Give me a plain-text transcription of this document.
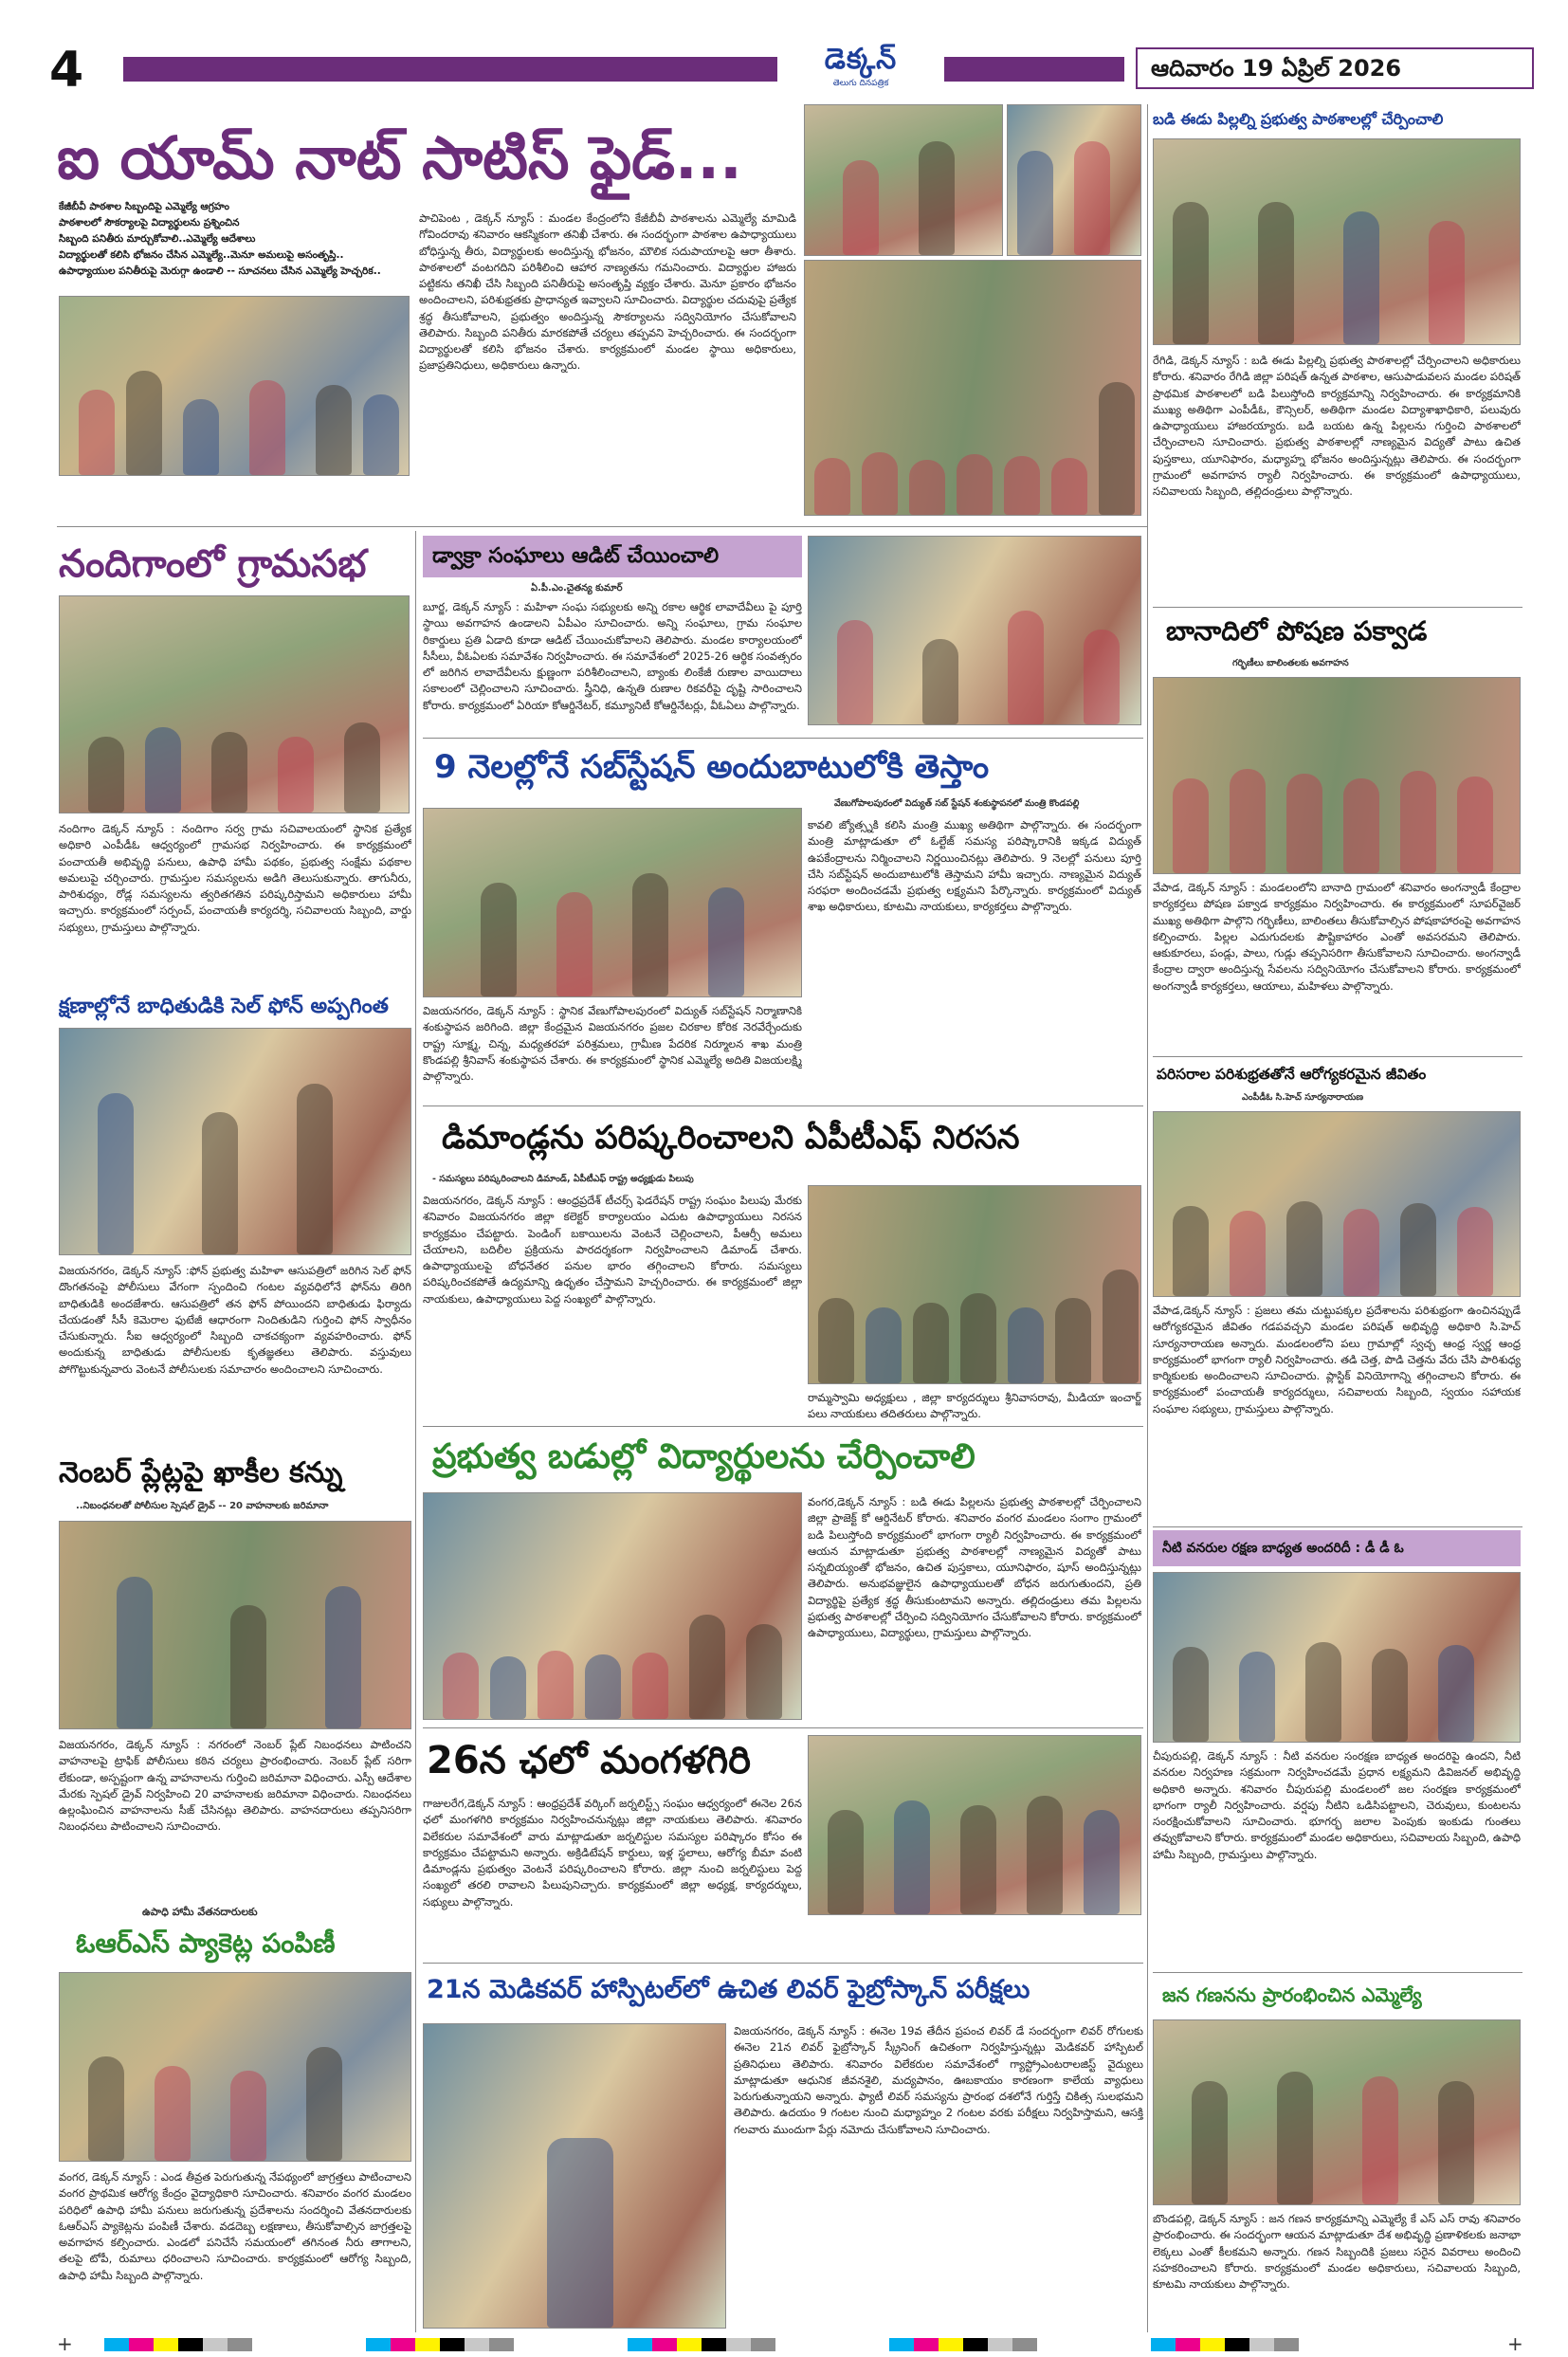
4	డెక్కన్
తెలుగు దినపత్రిక
ఆదివారం 19 ఏప్రిల్ 2026
ఐ యామ్ నాట్ సాటిస్ ఫైడ్...
కేజీబీవీ పాఠశాల సిబ్బందిపై ఎమ్మెల్యే ఆగ్రహం
పాఠశాలలో సౌకర్యాలపై విద్యార్థులను ప్రశ్నించిన
సిబ్బంది పనితీరు మార్చుకోవాలి..ఎమ్మెల్యే ఆదేశాలు
విద్యార్థులతో కలిసి భోజనం చేసిన ఎమ్మెల్యే..మెనూ అమలుపై అసంతృప్తి..
ఉపాధ్యాయుల పనితీరుపై మెరుగ్గా ఉండాలి -- సూచనలు చేసిన ఎమ్మెల్యే హెచ్చరిక..
పాచిపెంట , డెక్కన్ న్యూస్ : మండల కేంద్రంలోని కేజీబీవీ పాఠశాలను ఎమ్మెల్యే మామిడి గోవిందరావు శనివారం ఆకస్మికంగా తనిఖీ చేశారు. ఈ సందర్భంగా పాఠశాల ఉపాధ్యాయులు బోధిస్తున్న తీరు, విద్యార్థులకు అందిస్తున్న భోజనం, మౌలిక సదుపాయాలపై ఆరా తీశారు. పాఠశాలలో వంటగదిని పరిశీలించి ఆహార నాణ్యతను గమనించారు. విద్యార్థుల హాజరు పట్టికను తనిఖీ చేసి సిబ్బంది పనితీరుపై అసంతృప్తి వ్యక్తం చేశారు. మెనూ ప్రకారం భోజనం అందించాలని, పరిశుభ్రతకు ప్రాధాన్యత ఇవ్వాలని సూచించారు. విద్యార్థుల చదువుపై ప్రత్యేక శ్రద్ధ తీసుకోవాలని, ప్రభుత్వం అందిస్తున్న సౌకర్యాలను సద్వినియోగం చేసుకోవాలని తెలిపారు. సిబ్బంది పనితీరు మారకపోతే చర్యలు తప్పవని హెచ్చరించారు. ఈ సందర్భంగా విద్యార్థులతో కలిసి భోజనం చేశారు. కార్యక్రమంలో మండల స్థాయి అధికారులు, ప్రజాప్రతినిధులు, అధికారులు ఉన్నారు.
నందిగాంలో గ్రామసభ
నందిగాం డెక్కన్ న్యూస్ : నందిగాం సర్వ గ్రామ సచివాలయంలో స్థానిక ప్రత్యేక అధికారి ఎంపీడీఓ ఆధ్వర్యంలో గ్రామసభ నిర్వహించారు. ఈ కార్యక్రమంలో పంచాయతీ అభివృద్ధి పనులు, ఉపాధి హామీ పథకం, ప్రభుత్వ సంక్షేమ పథకాల అమలుపై చర్చించారు. గ్రామస్తుల సమస్యలను అడిగి తెలుసుకున్నారు. తాగునీరు, పారిశుధ్యం, రోడ్ల సమస్యలను త్వరితగతిన పరిష్కరిస్తామని అధికారులు హామీ ఇచ్చారు. కార్యక్రమంలో సర్పంచ్, పంచాయతీ కార్యదర్శి, సచివాలయ సిబ్బంది, వార్డు సభ్యులు, గ్రామస్తులు పాల్గొన్నారు.
క్షణాల్లోనే బాధితుడికి సెల్ ఫోన్ అప్పగింత
విజయనగరం, డెక్కన్ న్యూస్ :ఫోన్ ప్రభుత్వ మహిళా ఆసుపత్రిలో జరిగిన సెల్ ఫోన్ దొంగతనంపై పోలీసులు వేగంగా స్పందించి గంటల వ్యవధిలోనే ఫోన్‌ను తిరిగి బాధితుడికి అందజేశారు. ఆసుపత్రిలో తన ఫోన్ పోయిందని బాధితుడు ఫిర్యాదు చేయడంతో సీసీ కెమెరాల ఫుటేజీ ఆధారంగా నిందితుడిని గుర్తించి ఫోన్ స్వాధీనం చేసుకున్నారు. సీఐ ఆధ్వర్యంలో సిబ్బంది చాకచక్యంగా వ్యవహరించారు. ఫోన్ అందుకున్న బాధితుడు పోలీసులకు కృతజ్ఞతలు తెలిపారు. వస్తువులు పోగొట్టుకున్నవారు వెంటనే పోలీసులకు సమాచారం అందించాలని సూచించారు.
నెంబర్ ప్లేట్లపై ఖాకీల కన్ను
..నిబంధనలతో పోలీసుల స్పెషల్ డ్రైవ్ -- 20 వాహనాలకు జరిమానా
విజయనగరం, డెక్కన్ న్యూస్ : నగరంలో నెంబర్ ప్లేట్ నిబంధనలు పాటించని వాహనాలపై ట్రాఫిక్ పోలీసులు కఠిన చర్యలు ప్రారంభించారు. నెంబర్ ప్లేట్ సరిగా లేకుండా, అస్పష్టంగా ఉన్న వాహనాలను గుర్తించి జరిమానా విధించారు. ఎస్పీ ఆదేశాల మేరకు స్పెషల్ డ్రైవ్ నిర్వహించి 20 వాహనాలకు జరిమానా విధించారు. నిబంధనలు ఉల్లంఘించిన వాహనాలను సీజ్ చేసినట్లు తెలిపారు. వాహనదారులు తప్పనిసరిగా నిబంధనలు పాటించాలని సూచించారు.
ఉపాధి హామీ వేతనదారులకు
ఓఆర్ఎస్ ప్యాకెట్ల పంపిణీ
వంగర, డెక్కన్ న్యూస్ : ఎండ తీవ్రత పెరుగుతున్న నేపథ్యంలో జాగ్రత్తలు పాటించాలని వంగర ప్రాథమిక ఆరోగ్య కేంద్రం వైద్యాధికారి సూచించారు. శనివారం వంగర మండలం పరిధిలో ఉపాధి హామీ పనులు జరుగుతున్న ప్రదేశాలను సందర్శించి వేతనదారులకు ఓఆర్ఎస్ ప్యాకెట్లను పంపిణీ చేశారు. వడదెబ్బ లక్షణాలు, తీసుకోవాల్సిన జాగ్రత్తలపై అవగాహన కల్పించారు. ఎండలో పనిచేసే సమయంలో తగినంత నీరు తాగాలని, తలపై టోపీ, రుమాలు ధరించాలని సూచించారు. కార్యక్రమంలో ఆరోగ్య సిబ్బంది, ఉపాధి హామీ సిబ్బంది పాల్గొన్నారు.
డ్వాక్రా సంఘాలు ఆడిట్ చేయించాలి
ఏ.పీ.ఎం.చైతన్య కుమార్
బూర్జ, డెక్కన్ న్యూస్ : మహిళా సంఘ సభ్యులకు అన్ని రకాల ఆర్థిక లావాదేవీలు పై పూర్తి స్థాయి అవగాహన ఉండాలని ఏపీఎం సూచించారు. అన్ని సంఘాలు, గ్రామ సంఘాల రికార్డులు ప్రతి ఏడాది కూడా ఆడిట్ చేయించుకోవాలని తెలిపారు. మండల కార్యాలయంలో సీసీలు, వీఓఏలకు సమావేశం నిర్వహించారు. ఈ సమావేశంలో 2025-26 ఆర్థిక సంవత్సరం లో జరిగిన లావాదేవీలను క్షుణ్ణంగా పరిశీలించాలని, బ్యాంకు లింకేజీ రుణాల వాయిదాలు సకాలంలో చెల్లించాలని సూచించారు. స్త్రీనిధి, ఉన్నతి రుణాల రికవరీపై దృష్టి సారించాలని కోరారు. కార్యక్రమంలో ఏరియా కోఆర్డినేటర్, కమ్యూనిటీ కోఆర్డినేటర్లు, వీఓఏలు పాల్గొన్నారు.
9 నెలల్లోనే సబ్‌స్టేషన్ అందుబాటులోకి తెస్తాం
వేణుగోపాలపురంలో విద్యుత్ సబ్ స్టేషన్ శంకుస్థాపనలో మంత్రి కొండపల్లి
విజయనగరం, డెక్కన్ న్యూస్ : స్థానిక వేణుగోపాలపురంలో విద్యుత్ సబ్‌స్టేషన్ నిర్మాణానికి శంకుస్థాపన జరిగింది. జిల్లా కేంద్రమైన విజయనగరం ప్రజల చిరకాల కోరిక నెరవేర్చేందుకు రాష్ట్ర సూక్ష్మ, చిన్న, మధ్యతరహా పరిశ్రమలు, గ్రామీణ పేదరిక నిర్మూలన శాఖ మంత్రి కొండపల్లి శ్రీనివాస్ శంకుస్థాపన చేశారు. ఈ కార్యక్రమంలో స్థానిక ఎమ్మెల్యే అదితి విజయలక్ష్మి పాల్గొన్నారు.
కావలి జ్యోత్స్నకి కలిసి మంత్రి ముఖ్య అతిథిగా పాల్గొన్నారు. ఈ సందర్భంగా మంత్రి మాట్లాడుతూ లో ఓల్టేజ్ సమస్య పరిష్కారానికి ఇక్కడ విద్యుత్ ఉపకేంద్రాలను నిర్మించాలని నిర్ణయించినట్లు తెలిపారు. 9 నెలల్లో పనులు పూర్తి చేసి సబ్‌స్టేషన్ అందుబాటులోకి తెస్తామని హామీ ఇచ్చారు. నాణ్యమైన విద్యుత్ సరఫరా అందించడమే ప్రభుత్వ లక్ష్యమని పేర్కొన్నారు. కార్యక్రమంలో విద్యుత్ శాఖ అధికారులు, కూటమి నాయకులు, కార్యకర్తలు పాల్గొన్నారు.
డిమాండ్లను పరిష్కరించాలని ఏపీటీఎఫ్ నిరసన
- సమస్యలు పరిష్కరించాలని డిమాండ్, ఏపీటీఎఫ్ రాష్ట్ర అధ్యక్షుడు పిలుపు
విజయనగరం, డెక్కన్ న్యూస్ : ఆంధ్రప్రదేశ్ టీచర్స్ ఫెడరేషన్ రాష్ట్ర సంఘం పిలుపు మేరకు శనివారం విజయనగరం జిల్లా కలెక్టర్ కార్యాలయం ఎదుట ఉపాధ్యాయులు నిరసన కార్యక్రమం చేపట్టారు. పెండింగ్ బకాయిలను వెంటనే చెల్లించాలని, పీఆర్సీ అమలు చేయాలని, బదిలీల ప్రక్రియను పారదర్శకంగా నిర్వహించాలని డిమాండ్ చేశారు. ఉపాధ్యాయులపై బోధనేతర పనుల భారం తగ్గించాలని కోరారు. సమస్యలు పరిష్కరించకపోతే ఉద్యమాన్ని ఉధృతం చేస్తామని హెచ్చరించారు. ఈ కార్యక్రమంలో జిల్లా నాయకులు, ఉపాధ్యాయులు పెద్ద సంఖ్యలో పాల్గొన్నారు.
రామ్మస్వామి అధ్యక్షులు , జిల్లా కార్యదర్శులు శ్రీనివాసరావు, మీడియా ఇంచార్జ్ పలు నాయకులు తదితరులు పాల్గొన్నారు.
ప్రభుత్వ బడుల్లో విద్యార్థులను చేర్పించాలి
వంగర,డెక్కన్ న్యూస్ : బడి ఈడు పిల్లలను ప్రభుత్వ పాఠశాలల్లో చేర్పించాలని జిల్లా ప్రాజెక్ట్ కో ఆర్డినేటర్ కోరారు. శనివారం వంగర మండలం సంగాం గ్రామంలో బడి పిలుస్తోంది కార్యక్రమంలో భాగంగా ర్యాలీ నిర్వహించారు. ఈ కార్యక్రమంలో ఆయన మాట్లాడుతూ ప్రభుత్వ పాఠశాలల్లో నాణ్యమైన విద్యతో పాటు సన్నబియ్యంతో భోజనం, ఉచిత పుస్తకాలు, యూనిఫారం, షూస్ అందిస్తున్నట్లు తెలిపారు. అనుభవజ్ఞులైన ఉపాధ్యాయులతో బోధన జరుగుతుందని, ప్రతి విద్యార్థిపై ప్రత్యేక శ్రద్ధ తీసుకుంటామని అన్నారు. తల్లిదండ్రులు తమ పిల్లలను ప్రభుత్వ పాఠశాలల్లో చేర్పించి సద్వినియోగం చేసుకోవాలని కోరారు. కార్యక్రమంలో ఉపాధ్యాయులు, విద్యార్థులు, గ్రామస్తులు పాల్గొన్నారు.
26న ఛలో మంగళగిరి
గాజులరేగ,డెక్కన్ న్యూస్ : ఆంధ్రప్రదేశ్ వర్కింగ్ జర్నలిస్ట్స్ సంఘం ఆధ్వర్యంలో ఈనెల 26న ఛలో మంగళగిరి కార్యక్రమం నిర్వహించనున్నట్లు జిల్లా నాయకులు తెలిపారు. శనివారం విలేకరుల సమావేశంలో వారు మాట్లాడుతూ జర్నలిస్టుల సమస్యల పరిష్కారం కోసం ఈ కార్యక్రమం చేపట్టామని అన్నారు. అక్రిడిటేషన్ కార్డులు, ఇళ్ల స్థలాలు, ఆరోగ్య బీమా వంటి డిమాండ్లను ప్రభుత్వం వెంటనే పరిష్కరించాలని కోరారు. జిల్లా నుంచి జర్నలిస్టులు పెద్ద సంఖ్యలో తరలి రావాలని పిలుపునిచ్చారు. కార్యక్రమంలో జిల్లా అధ్యక్ష, కార్యదర్శులు, సభ్యులు పాల్గొన్నారు.
21న మెడికవర్ హాస్పిటల్‌లో ఉచిత లివర్ ఫైబ్రోస్కాన్ పరీక్షలు
విజయనగరం, డెక్కన్ న్యూస్ : ఈనెల 19వ తేదీన ప్రపంచ లివర్ డే సందర్భంగా లివర్ రోగులకు ఈనెల 21న లివర్ ఫైబ్రోస్కాన్ స్క్రీనింగ్ ఉచితంగా నిర్వహిస్తున్నట్లు మెడికవర్ హాస్పిటల్ ప్రతినిధులు తెలిపారు. శనివారం విలేకరుల సమావేశంలో గ్యాస్ట్రోఎంటరాలజిస్ట్ వైద్యులు మాట్లాడుతూ ఆధునిక జీవనశైలి, మద్యపానం, ఊబకాయం కారణంగా కాలేయ వ్యాధులు పెరుగుతున్నాయని అన్నారు. ఫ్యాటీ లివర్ సమస్యను ప్రారంభ దశలోనే గుర్తిస్తే చికిత్స సులభమని తెలిపారు. ఉదయం 9 గంటల నుంచి మధ్యాహ్నం 2 గంటల వరకు పరీక్షలు నిర్వహిస్తామని, ఆసక్తి గలవారు ముందుగా పేర్లు నమోదు చేసుకోవాలని సూచించారు.
బడి ఈడు పిల్లల్ని ప్రభుత్వ పాఠశాలల్లో చేర్పించాలి
రేగిడి, డెక్కన్ న్యూస్ : బడి ఈడు పిల్లల్ని ప్రభుత్వ పాఠశాలల్లో చేర్పించాలని అధికారులు కోరారు. శనివారం రేగిడి జిల్లా పరిషత్ ఉన్నత పాఠశాల, ఆసుపాడువలస మండల పరిషత్ ప్రాథమిక పాఠశాలలో బడి పిలుస్తోంది కార్యక్రమాన్ని నిర్వహించారు. ఈ కార్యక్రమానికి ముఖ్య అతిథిగా ఎంపీడీఓ, కౌన్సిలర్, అతిథిగా మండల విద్యాశాఖాధికారి, పలువురు ఉపాధ్యాయులు హాజరయ్యారు. బడి బయట ఉన్న పిల్లలను గుర్తించి పాఠశాలలో చేర్పించాలని సూచించారు. ప్రభుత్వ పాఠశాలల్లో నాణ్యమైన విద్యతో పాటు ఉచిత పుస్తకాలు, యూనిఫారం, మధ్యాహ్న భోజనం అందిస్తున్నట్లు తెలిపారు. ఈ సందర్భంగా గ్రామంలో అవగాహన ర్యాలీ నిర్వహించారు. ఈ కార్యక్రమంలో ఉపాధ్యాయులు, సచివాలయ సిబ్బంది, తల్లిదండ్రులు పాల్గొన్నారు.
బానాదిలో పోషణ పక్వాడ
గర్భిణీలు బాలింతలకు అవగాహన
వేపాడ, డెక్కన్ న్యూస్ : మండలంలోని బానాది గ్రామంలో శనివారం అంగన్వాడీ కేంద్రాల కార్యకర్తలు పోషణ పక్వాడ కార్యక్రమం నిర్వహించారు. ఈ కార్యక్రమంలో సూపర్‌వైజర్ ముఖ్య అతిథిగా పాల్గొని గర్భిణీలు, బాలింతలు తీసుకోవాల్సిన పోషకాహారంపై అవగాహన కల్పించారు. పిల్లల ఎదుగుదలకు పౌష్టికాహారం ఎంతో అవసరమని తెలిపారు. ఆకుకూరలు, పండ్లు, పాలు, గుడ్లు తప్పనిసరిగా తీసుకోవాలని సూచించారు. అంగన్వాడీ కేంద్రాల ద్వారా అందిస్తున్న సేవలను సద్వినియోగం చేసుకోవాలని కోరారు. కార్యక్రమంలో అంగన్వాడీ కార్యకర్తలు, ఆయాలు, మహిళలు పాల్గొన్నారు.
పరిసరాల పరిశుభ్రతతోనే ఆరోగ్యకరమైన జీవితం
ఎంపీడీఓ సి.హెచ్ సూర్యనారాయణ
వేపాడ,డెక్కన్ న్యూస్ : ప్రజలు తమ చుట్టుపక్కల ప్రదేశాలను పరిశుభ్రంగా ఉంచినప్పుడే ఆరోగ్యకరమైన జీవితం గడపవచ్చని మండల పరిషత్ అభివృద్ధి అధికారి సి.హెచ్ సూర్యనారాయణ అన్నారు. మండలంలోని పలు గ్రామాల్లో స్వచ్ఛ ఆంధ్ర స్వర్ణ ఆంధ్ర కార్యక్రమంలో భాగంగా ర్యాలీ నిర్వహించారు. తడి చెత్త, పొడి చెత్తను వేరు చేసి పారిశుధ్య కార్మికులకు అందించాలని సూచించారు. ప్లాస్టిక్ వినియోగాన్ని తగ్గించాలని కోరారు. ఈ కార్యక్రమంలో పంచాయతీ కార్యదర్శులు, సచివాలయ సిబ్బంది, స్వయం సహాయక సంఘాల సభ్యులు, గ్రామస్తులు పాల్గొన్నారు.
నీటి వనరుల రక్షణ బాధ్యత అందరిదీ : డీ డీ ఓ
చీపురుపల్లి, డెక్కన్ న్యూస్ : నీటి వనరుల సంరక్షణ బాధ్యత అందరిపై ఉందని, నీటి వనరుల నిర్వహణ సక్రమంగా నిర్వహించడమే ప్రధాన లక్ష్యమని డివిజనల్ అభివృద్ధి అధికారి అన్నారు. శనివారం చీపురుపల్లి మండలంలో జల సంరక్షణ కార్యక్రమంలో భాగంగా ర్యాలీ నిర్వహించారు. వర్షపు నీటిని ఒడిసిపట్టాలని, చెరువులు, కుంటలను సంరక్షించుకోవాలని సూచించారు. భూగర్భ జలాల పెంపుకు ఇంకుడు గుంతలు తవ్వుకోవాలని కోరారు. కార్యక్రమంలో మండల అధికారులు, సచివాలయ సిబ్బంది, ఉపాధి హామీ సిబ్బంది, గ్రామస్తులు పాల్గొన్నారు.
జన గణనను ప్రారంభించిన ఎమ్మెల్యే
బొండపల్లి, డెక్కన్ న్యూస్ : జన గణన కార్యక్రమాన్ని ఎమ్మెల్యే కే ఎస్ ఎస్ రావు శనివారం ప్రారంభించారు. ఈ సందర్భంగా ఆయన మాట్లాడుతూ దేశ అభివృద్ధి ప్రణాళికలకు జనాభా లెక్కలు ఎంతో కీలకమని అన్నారు. గణన సిబ్బందికి ప్రజలు సరైన వివరాలు అందించి సహకరించాలని కోరారు. కార్యక్రమంలో మండల అధికారులు, సచివాలయ సిబ్బంది, కూటమి నాయకులు పాల్గొన్నారు.
+
	+
